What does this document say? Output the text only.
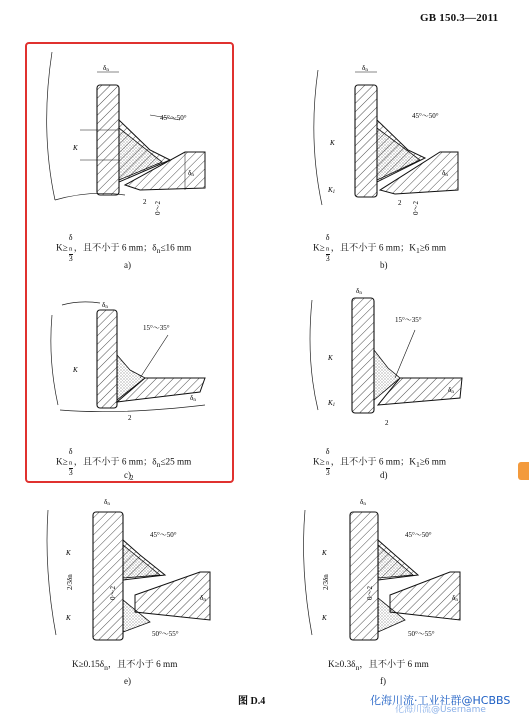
GB 150.3—2011
δn
45°～50°
K
δn
2 0～2
δn
45°～50°
K
K1
δn
2 0～2
δn
15°～35°
K
δn
2
δn
15°～35°
K
K1
δn
2
δn
45°～50°
50°～55°
K
K
2/3δn
δn
2
0～2
δn
45°～50°
50°～55°
K
K
2/3δn
δn
0～2
K≥ δ
$_n$
3 ，且不小于 6 mm；$\delta_n\le 16$ mm
a)
K≥ δ
$_n$
3 ，且不小于 6 mm；$K_1\ge 6$ mm
b)
K≥ δ
$_n$
3 ，且不小于 6 mm；$\delta_n\le 25$ mm
c)
K≥ δ
$_n$
3 ，且不小于 6 mm；$K_1\ge 6$ mm
d)
$K\ge 0.15\delta_n$，且不小于 6 mm
e)
$K\ge 0.3\delta_n$，且不小于 6 mm
f)
图 D.4	化海川流·工业社群@HCBBS
化海川流@Username
